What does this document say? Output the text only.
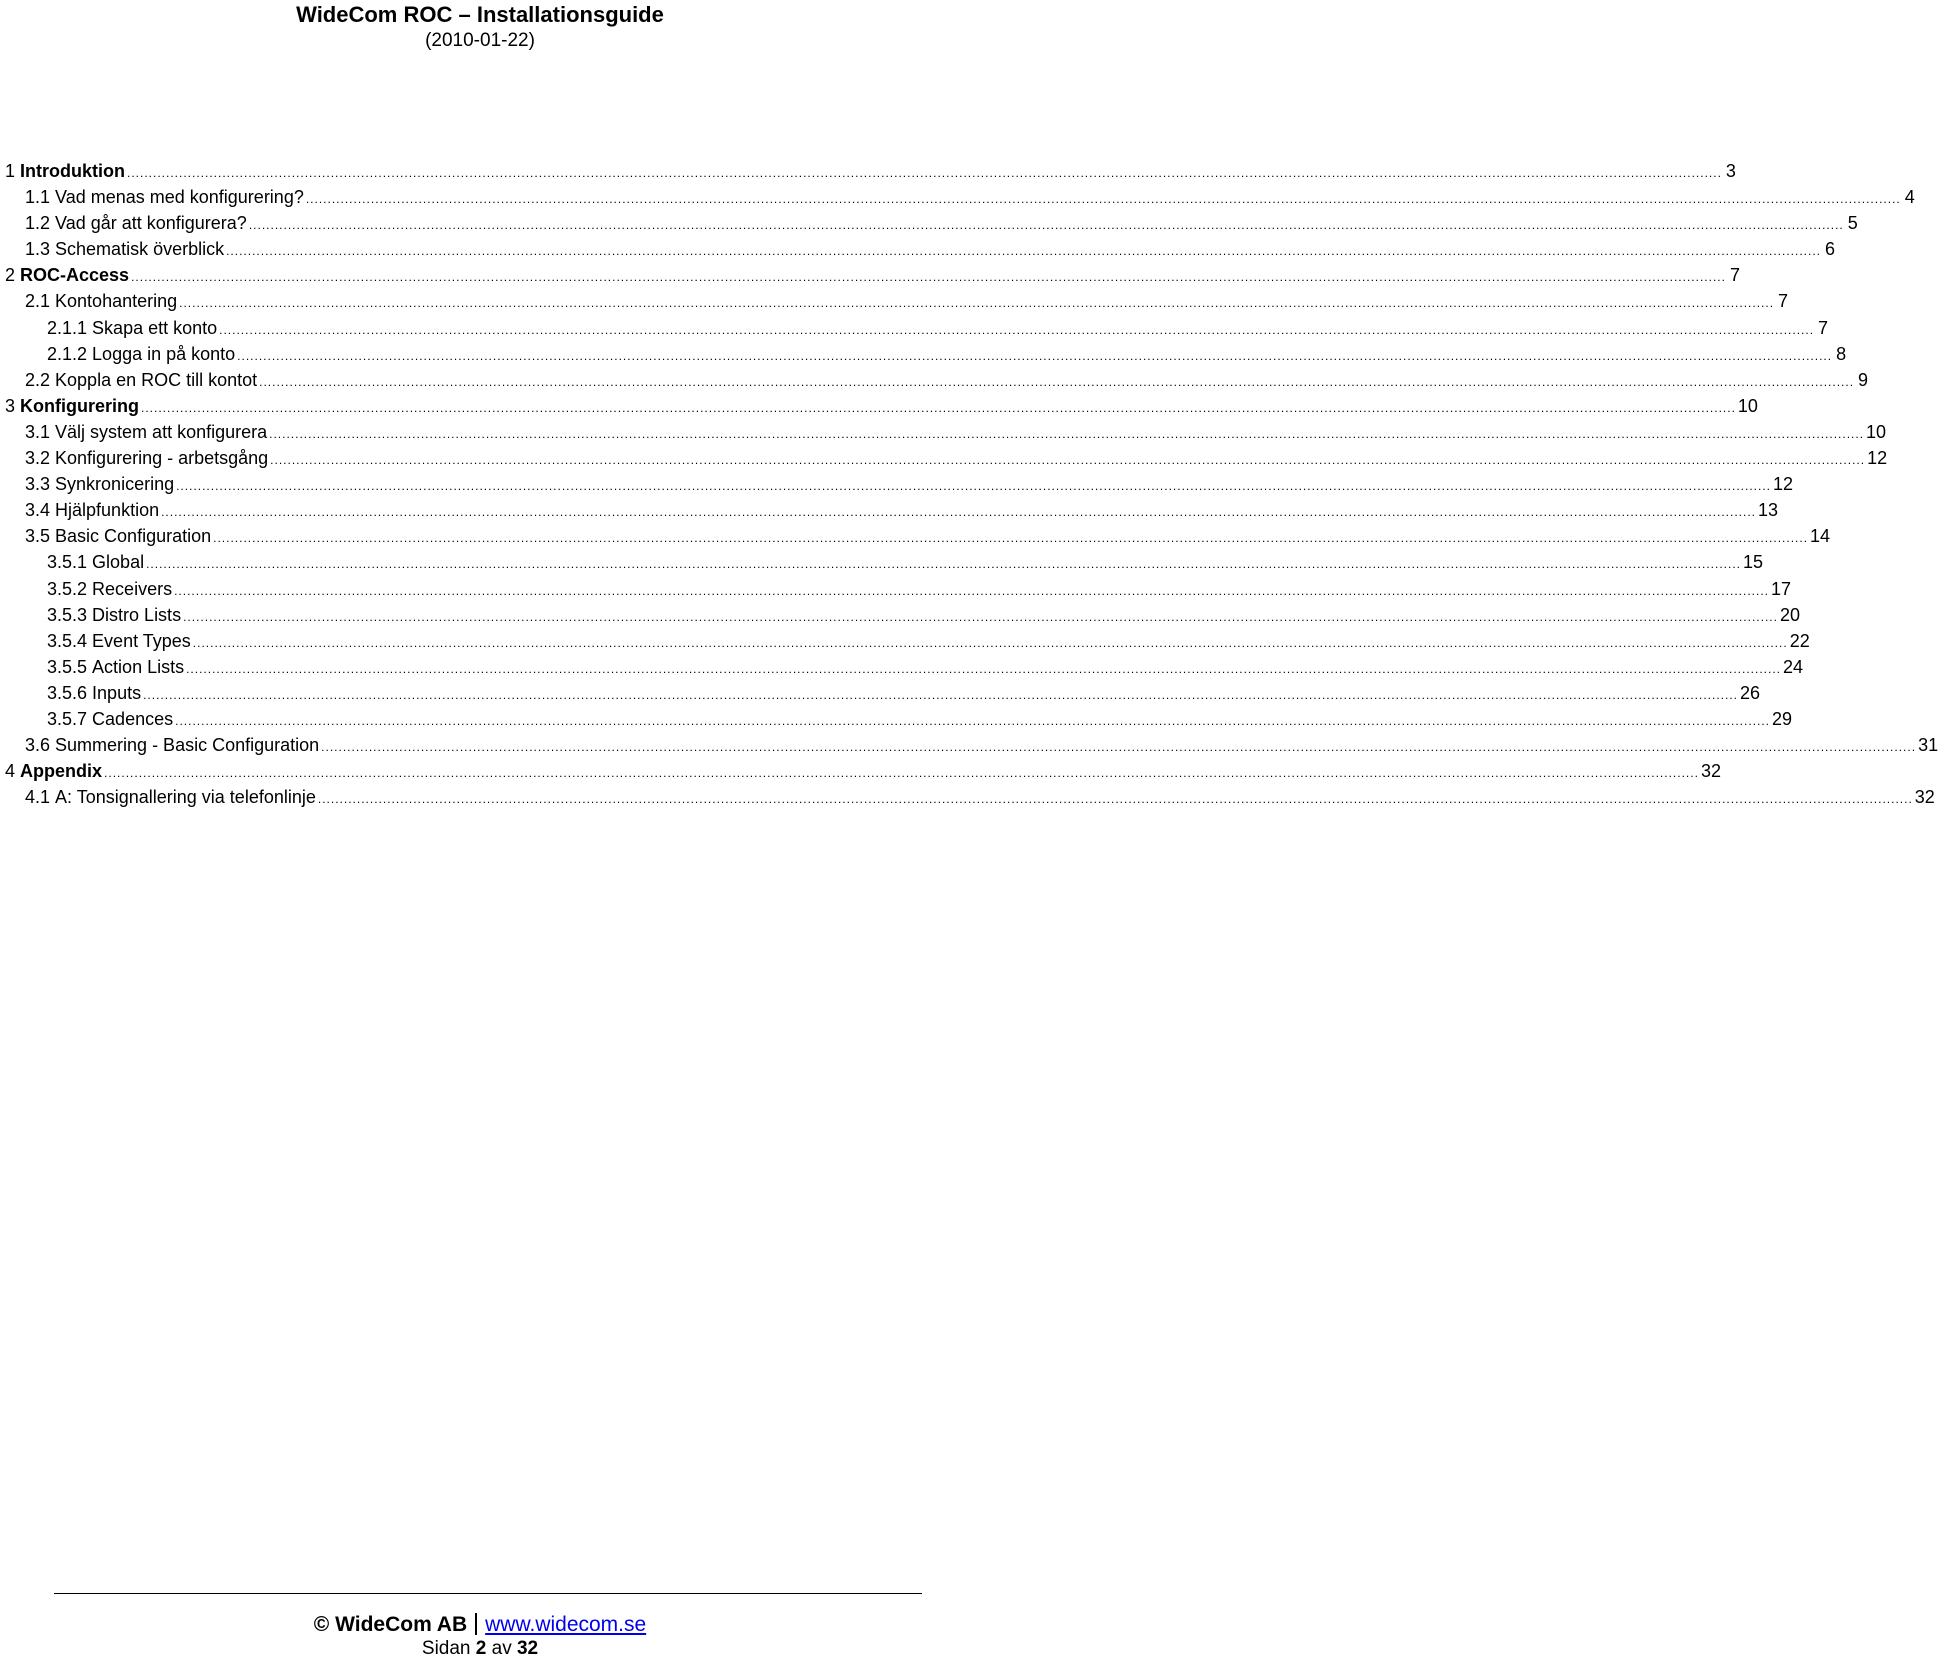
WideCom ROC – Installationsguide
(2010-01-22)
1 Introduktion .....	3
1.1 Vad menas med konfigurering? .....	4
1.2 Vad går att konfigurera? .....	5
1.3 Schematisk överblick .....	6
2 ROC-Access .....	7
2.1 Kontohantering .....	7
2.1.1 Skapa ett konto .....	7
2.1.2 Logga in på konto .....	8
2.2 Koppla en ROC till kontot .....	9
3 Konfigurering .....	10
3.1 Välj system att konfigurera .....	10
3.2 Konfigurering - arbetsgång .....	12
3.3 Synkronicering .....	12
3.4 Hjälpfunktion .....	13
3.5 Basic Configuration .....	14
3.5.1 Global .....	15
3.5.2 Receivers .....	17
3.5.3 Distro Lists .....	20
3.5.4 Event Types .....	22
3.5.5 Action Lists .....	24
3.5.6 Inputs .....	26
3.5.7 Cadences .....	29
3.6 Summering - Basic Configuration .....	31
4 Appendix .....	32
4.1 A: Tonsignallering via telefonlinje .....	32
© WideCom AB www.widecom.se
Sidan 2 av 32
